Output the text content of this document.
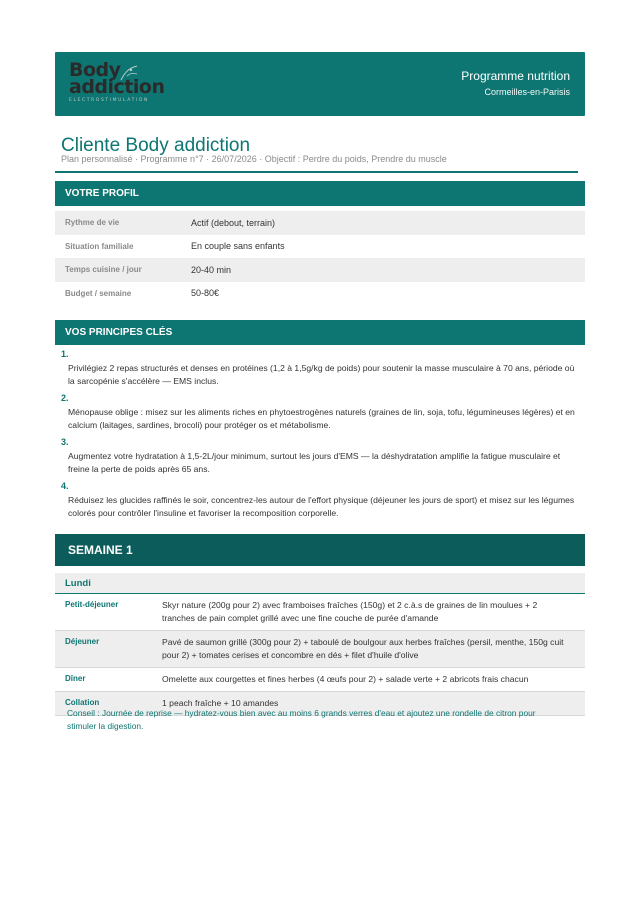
Body
addiction
ELECTROSTIMULATION
Programme nutrition
Cormeilles-en-Parisis
Cliente Body addiction
Plan personnalisé · Programme n°7 · 26/07/2026 · Objectif : Perdre du poids, Prendre du muscle
VOTRE PROFIL
Rythme de vie	Actif (debout, terrain)
Situation familiale	En couple sans enfants
Temps cuisine / jour	20-40 min
Budget / semaine	50-80€
VOS PRINCIPES CLÉS
1.
Privilégiez 2 repas structurés et denses en protéines (1,2 à 1,5g/kg de poids) pour soutenir la masse musculaire à 70 ans, période où la sarcopénie s'accélère — EMS inclus.
2.
Ménopause oblige : misez sur les aliments riches en phytoestrogènes naturels (graines de lin, soja, tofu, légumineuses légères) et en calcium (laitages, sardines, brocoli) pour protéger os et métabolisme.
3.
Augmentez votre hydratation à 1,5-2L/jour minimum, surtout les jours d'EMS — la déshydratation amplifie la fatigue musculaire et freine la perte de poids après 65 ans.
4.
Réduisez les glucides raffinés le soir, concentrez-les autour de l'effort physique (déjeuner les jours de sport) et misez sur les légumes colorés pour contrôler l'insuline et favoriser la recomposition corporelle.
SEMAINE 1
Lundi
Petit-déjeuner	Skyr nature (200g pour 2) avec framboises fraîches (150g) et 2 c.à.s de graines de lin moulues + 2 tranches de pain complet grillé avec une fine couche de purée d'amande
Déjeuner	Pavé de saumon grillé (300g pour 2) + taboulé de boulgour aux herbes fraîches (persil, menthe, 150g cuit pour 2) + tomates cerises et concombre en dés + filet d'huile d'olive
Dîner	Omelette aux courgettes et fines herbes (4 œufs pour 2) + salade verte + 2 abricots frais chacun
Collation	1 peach fraîche + 10 amandes
Conseil : Journée de reprise — hydratez-vous bien avec au moins 6 grands verres d'eau et ajoutez une rondelle de citron pour stimuler la digestion.
